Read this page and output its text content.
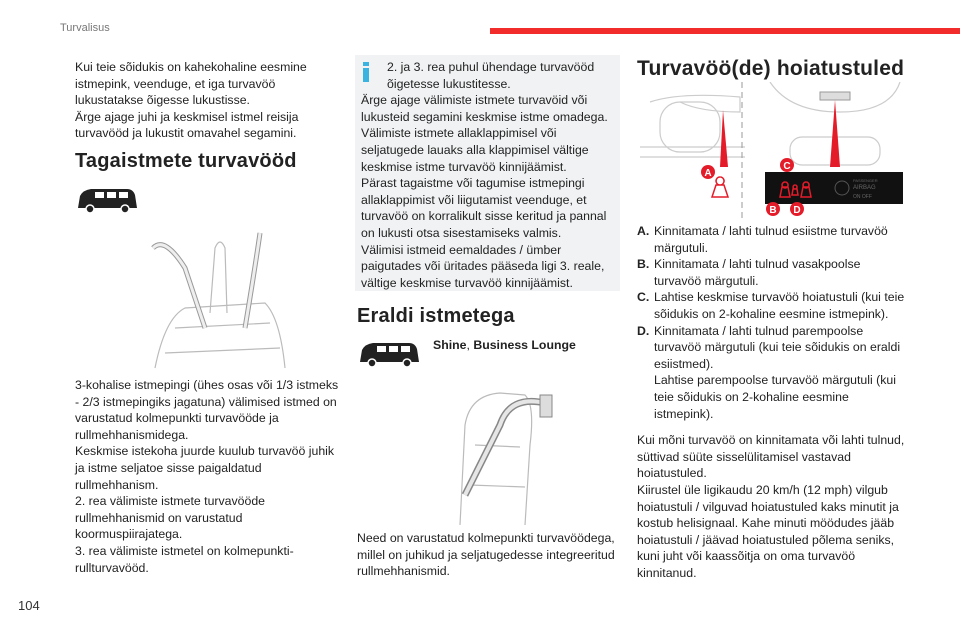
Turvalisus
104

Kui teie sõidukis on kahekohaline eesmine istmepink, veenduge, et iga turvavöö lukustatakse õigesse lukustisse.

Ärge ajage juhi ja keskmisel istmel reisija turvavööd ja lukustit omavahel segamini.

Tagaistmete turvavööd

3-kohalise istmepingi (ühes osas või 1/3 istmeks - 2/3 istmepingiks jagatuna) välimised istmed on varustatud kolmepunkti turvavööde ja rullmehhanismidega.

Keskmise istekoha juurde kuulub turvavöö juhik ja istme seljatoe sisse paigaldatud rullmehhanism.

2. rea välimiste istmete turvavööde rullmehhanismid on varustatud koormuspiirajatega.

3. rea välimiste istmetel on kolmepunkti-rullturvavööd.

2. ja 3. rea puhul ühendage turvavööd õigetesse lukustitesse.

Ärge ajage välimiste istmete turvavöid või lukusteid segamini keskmise istme omadega.

Välimiste istmete allaklappimisel või seljatugede lauaks alla klappimisel vältige keskmise istme turvavöö kinnijäämist.

Pärast tagaistme või tagumise istmepingi allaklappimist või liigutamist veenduge, et turvavöö on korralikult sisse keritud ja pannal on lukusti otsa sisestamiseks valmis.

Välimisi istmeid eemaldades / ümber paigutades või üritades pääseda ligi 3. reale, vältige keskmise turvavöö kinnijäämist.

Eraldi istmetega
Shine, Business Lounge
Need on varustatud kolmepunkti turvavöödega, millel on juhikud ja seljatugedesse integreeritud rullmehhanismid.
Turvavöö(de) hoiatustuled
PASSENGER
AIRBAG
ON OFF
A
B
C
D
A. Kinnitamata / lahti tulnud esiistme turvavöö märgutuli.
B. Kinnitamata / lahti tulnud vasakpoolse turvavöö märgutuli.
C. Lahtise keskmise turvavöö hoiatustuli (kui teie sõidukis on 2-kohaline eesmine istmepink).
D. Kinnitamata / lahti tulnud parempoolse turvavöö märgutuli (kui teie sõidukis on eraldi esiistmed).
Lahtise parempoolse turvavöö märgutuli (kui teie sõidukis on 2-kohaline eesmine istmepink).

Kui mõni turvavöö on kinnitamata või lahti tulnud, süttivad süüte sisselülitamisel vastavad hoiatustuled.

Kiirustel üle ligikaudu 20 km/h (12 mph) vilgub hoiatustuli / vilguvad hoiatustuled kaks minutit ja kostub helisignaal. Kahe minuti möödudes jääb hoiatustuli / jäävad hoiatustuled põlema seniks, kuni juht või kaassõitja on oma turvavöö kinnitanud.
